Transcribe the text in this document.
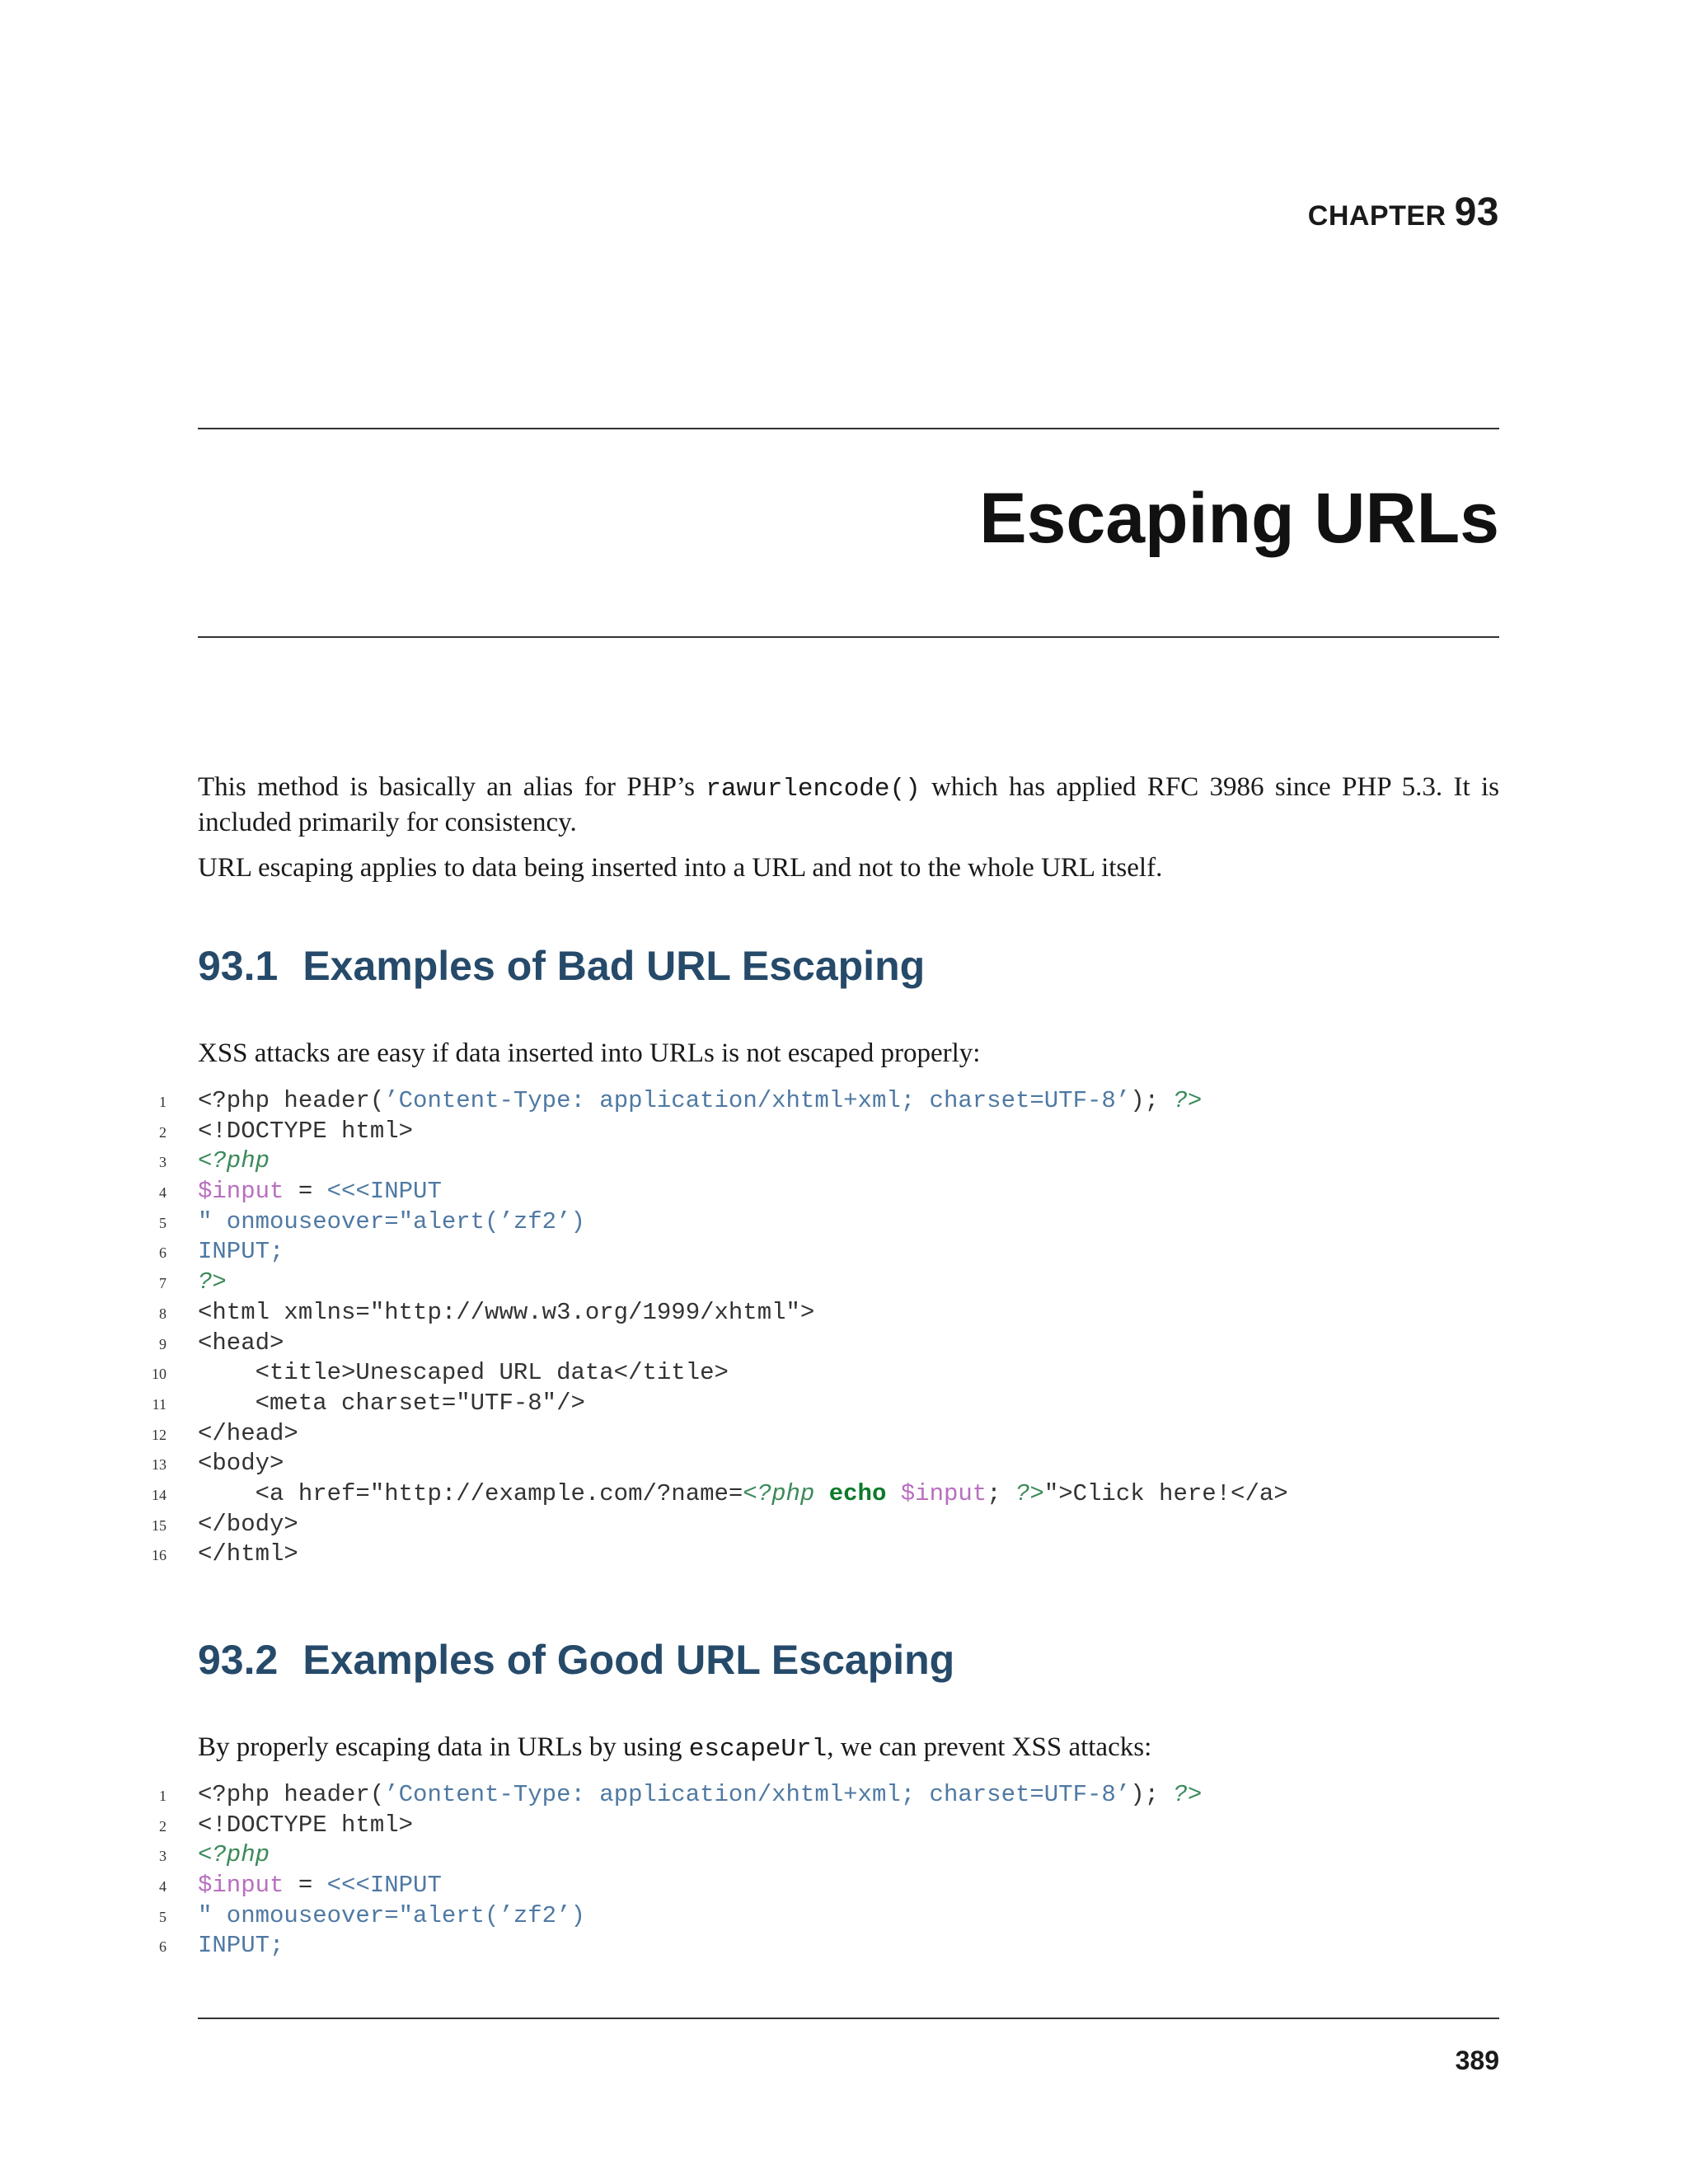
CHAPTER 93
Escaping URLs

This method is basically an alias for PHP’s rawurlencode() which has applied RFC 3986 since PHP 5.3. It is included primarily for consistency.

URL escaping applies to data being inserted into a URL and not to the whole URL itself.

93.1 Examples of Bad URL Escaping

XSS attacks are easy if data inserted into URLs is not escaped properly:

1 <?php header( ’Content-Type: application/xhtml+xml; charset=UTF-8’ ); ?>
2 <!DOCTYPE html>
3 <?php
4 $input = <<<INPUT
5 " onmouseover="alert(’zf2’)
6 INPUT;
7 ?>
8 <html xmlns="http://www.w3.org/1999/xhtml">
9 <head>
10 <title>Unescaped URL data</title>
11 <meta charset="UTF-8"/>
12 </head>
13 <body>
14 <a href="http://example.com/?name= <?php
echo
$input ; ?> ">Click here!</a>
15 </body>
16 </html>
93.2 Examples of Good URL Escaping

By properly escaping data in URLs by using escapeUrl, we can prevent XSS attacks:

1 <?php header( ’Content-Type: application/xhtml+xml; charset=UTF-8’ ); ?>
2 <!DOCTYPE html>
3 <?php
4 $input = <<<INPUT
5 " onmouseover="alert(’zf2’)
6 INPUT;
389
